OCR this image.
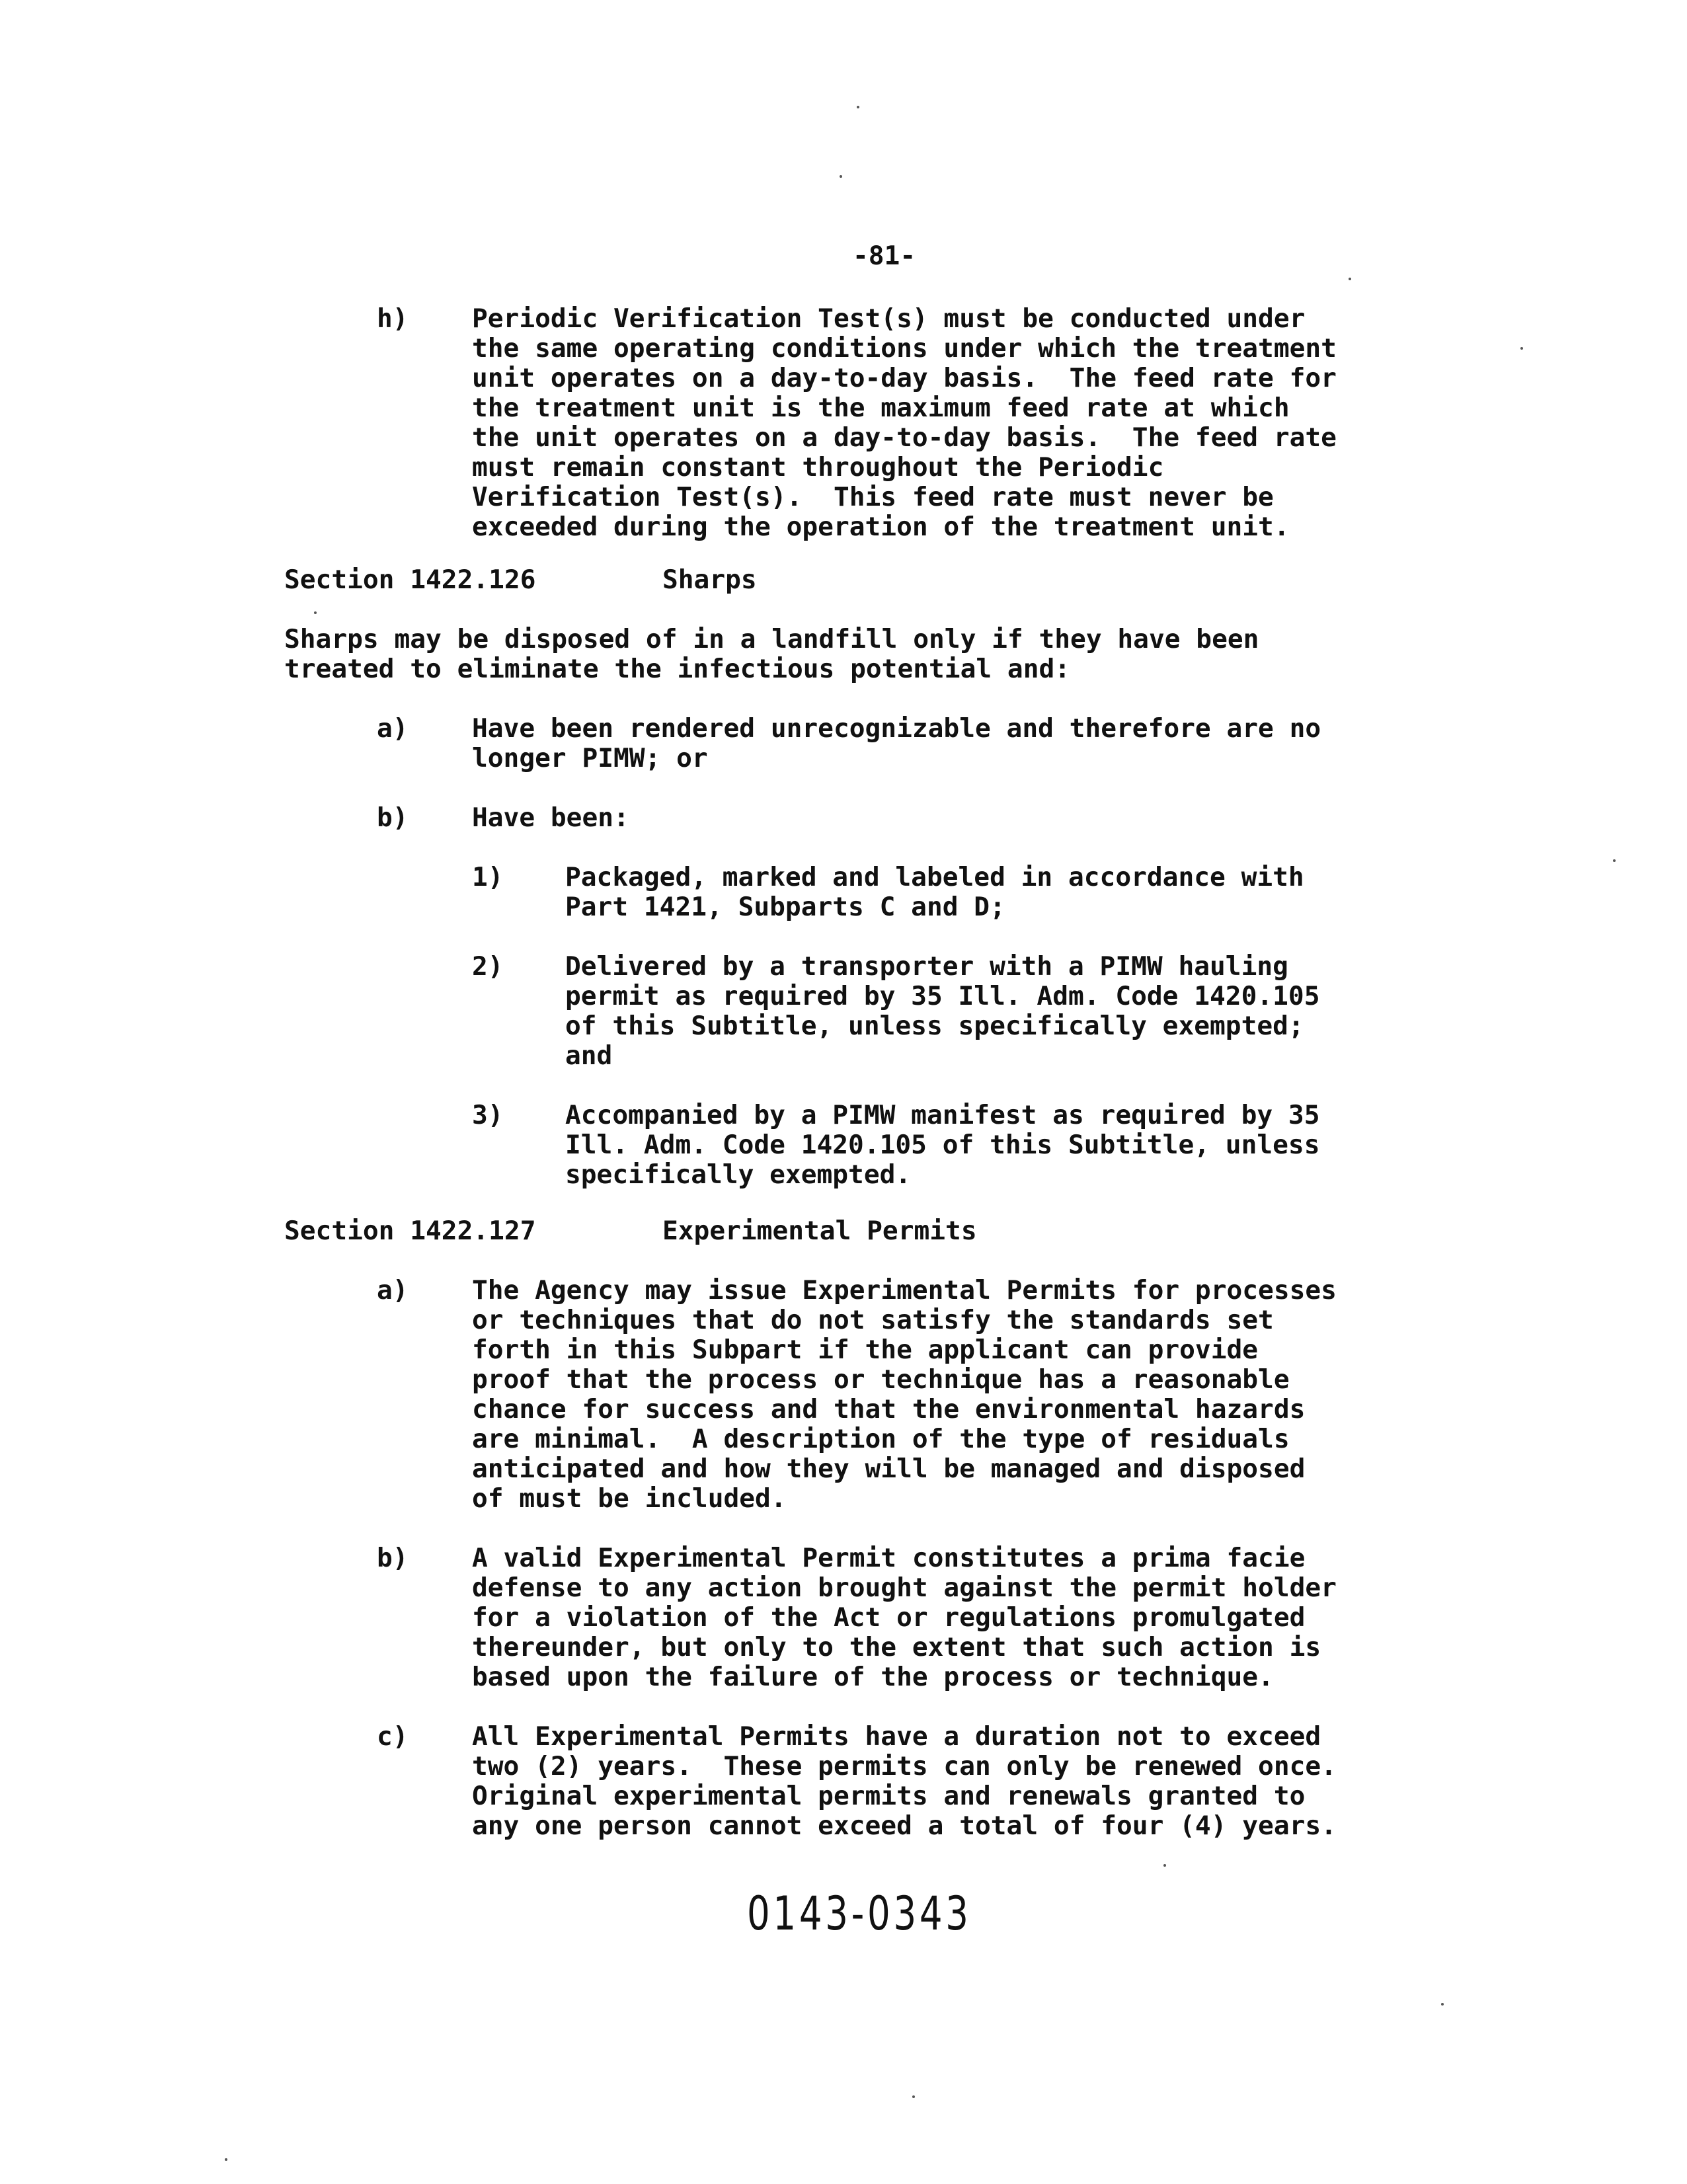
-81-
h) Periodic Verification Test(s) must be conducted under
the same operating conditions under which the treatment
unit operates on a day-to-day basis.  The feed rate for
the treatment unit is the maximum feed rate at which
the unit operates on a day-to-day basis.  The feed rate
must remain constant throughout the Periodic
Verification Test(s).  This feed rate must never be
exceeded during the operation of the treatment unit.
Section 1422.126	Sharps
Sharps may be disposed of in a landfill only if they have been
treated to eliminate the infectious potential and:
a) Have been rendered unrecognizable and therefore are no
longer PIMW; or
b) Have been:
1) Packaged, marked and labeled in accordance with
Part 1421, Subparts C and D;
2) Delivered by a transporter with a PIMW hauling
permit as required by 35 Ill. Adm. Code 1420.105
of this Subtitle, unless specifically exempted;
and
3) Accompanied by a PIMW manifest as required by 35
Ill. Adm. Code 1420.105 of this Subtitle, unless
specifically exempted.
Section 1422.127	Experimental Permits
a) The Agency may issue Experimental Permits for processes
or techniques that do not satisfy the standards set
forth in this Subpart if the applicant can provide
proof that the process or technique has a reasonable
chance for success and that the environmental hazards
are minimal.  A description of the type of residuals
anticipated and how they will be managed and disposed
of must be included.
b) A valid Experimental Permit constitutes a prima facie
defense to any action brought against the permit holder
for a violation of the Act or regulations promulgated
thereunder, but only to the extent that such action is
based upon the failure of the process or technique.
c) All Experimental Permits have a duration not to exceed
two (2) years.  These permits can only be renewed once.
Original experimental permits and renewals granted to
any one person cannot exceed a total of four (4) years.
0143-0343
